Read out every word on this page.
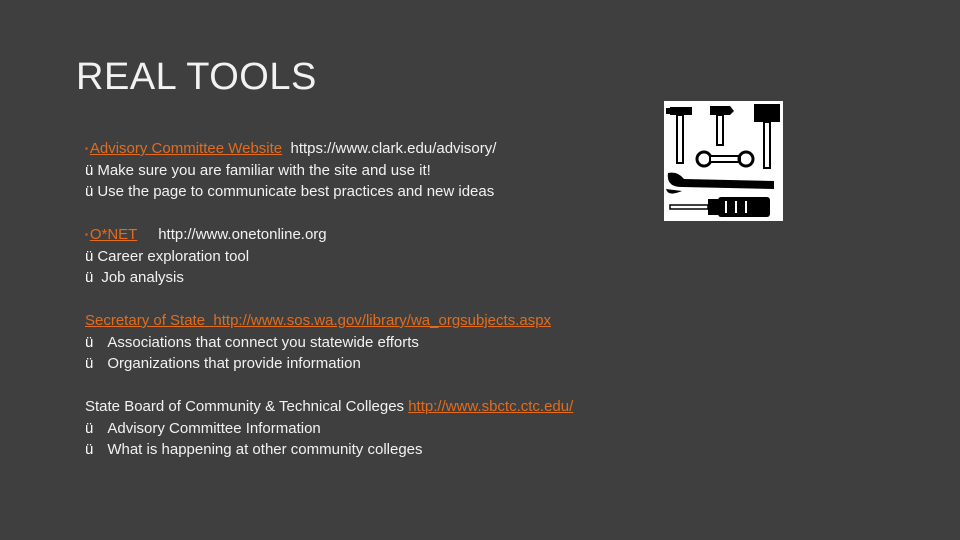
REAL TOOLS
▪ Advisory Committee Website https://www.clark.edu/advisory/
ü Make sure you are familiar with the site and use it!
ü Use the page to communicate best practices and new ideas
▪ O*NET http://www.onetonline.org
ü Career exploration tool
ü Job analysis
Secretary of State  http://www.sos.wa.gov/library/wa_orgsubjects.aspx
ü Associations that connect you statewide efforts
ü Organizations that provide information
State Board of Community & Technical Colleges http://www.sbctc.ctc.edu/
ü Advisory Committee Information
ü What is happening at other community colleges
